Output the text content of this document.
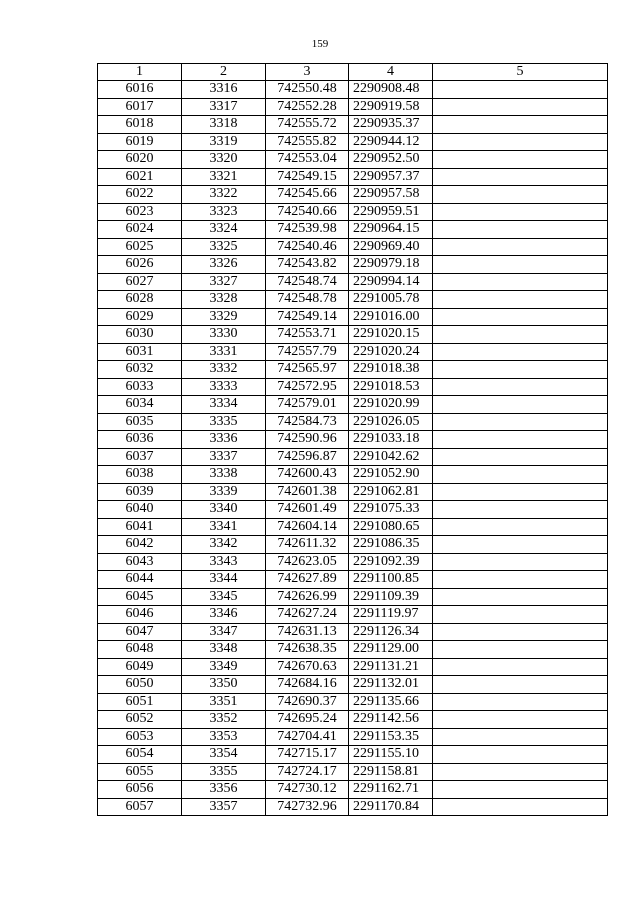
159
1	2	3	4	5
6016	3316	742550.48	2290908.48	
6017	3317	742552.28	2290919.58	
6018	3318	742555.72	2290935.37	
6019	3319	742555.82	2290944.12	
6020	3320	742553.04	2290952.50	
6021	3321	742549.15	2290957.37	
6022	3322	742545.66	2290957.58	
6023	3323	742540.66	2290959.51	
6024	3324	742539.98	2290964.15	
6025	3325	742540.46	2290969.40	
6026	3326	742543.82	2290979.18	
6027	3327	742548.74	2290994.14	
6028	3328	742548.78	2291005.78	
6029	3329	742549.14	2291016.00	
6030	3330	742553.71	2291020.15	
6031	3331	742557.79	2291020.24	
6032	3332	742565.97	2291018.38	
6033	3333	742572.95	2291018.53	
6034	3334	742579.01	2291020.99	
6035	3335	742584.73	2291026.05	
6036	3336	742590.96	2291033.18	
6037	3337	742596.87	2291042.62	
6038	3338	742600.43	2291052.90	
6039	3339	742601.38	2291062.81	
6040	3340	742601.49	2291075.33	
6041	3341	742604.14	2291080.65	
6042	3342	742611.32	2291086.35	
6043	3343	742623.05	2291092.39	
6044	3344	742627.89	2291100.85	
6045	3345	742626.99	2291109.39	
6046	3346	742627.24	2291119.97	
6047	3347	742631.13	2291126.34	
6048	3348	742638.35	2291129.00	
6049	3349	742670.63	2291131.21	
6050	3350	742684.16	2291132.01	
6051	3351	742690.37	2291135.66	
6052	3352	742695.24	2291142.56	
6053	3353	742704.41	2291153.35	
6054	3354	742715.17	2291155.10	
6055	3355	742724.17	2291158.81	
6056	3356	742730.12	2291162.71	
6057	3357	742732.96	2291170.84	
